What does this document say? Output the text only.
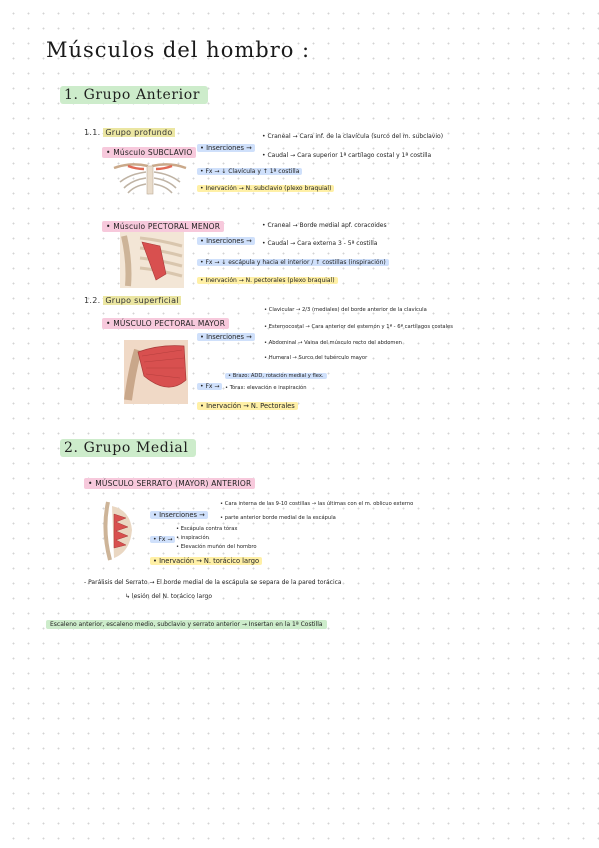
Músculos del hombro :
1. Grupo Anterior
1.1. Grupo profundo
• Músculo SUBCLAVIO	• Inserciones →
• Craneal → Cara inf. de la clavícula (surco del m. subclavio)
• Caudal → Cara superior 1ª cartílago costal y 1ª costilla
• Fx → ↓ Clavícula y ↑ 1ª costilla
• Inervación → N. subclavio (plexo braquial)
• Músculo PECTORAL MENOR
• Inserciones →
• Craneal → Borde medial apf. coracoides
• Caudal → Cara externa 3 - 5ª costilla
• Fx → ↓ escápula y hacia el interior / ↑ costillas (inspiración)
• Inervación → N. pectorales (plexo braquial)
1.2. Grupo superficial
• MÚSCULO PECTORAL MAYOR
• Inserciones →
• Clavicular → 2/3 (mediales) del borde anterior de la clavícula
• Esternocostal → Cara anterior del esternón y 1ª - 6ª cartílagos costales
• Abdominal → Vaina del músculo recto del abdomen
• Humeral → Surco del tubérculo mayor
• Fx →
• Brazo: ADD, rotación medial y flex.
• Tórax: elevación e inspiración
• Inervación → N. Pectorales
2. Grupo Medial
• MÚSCULO SERRATO (MAYOR) ANTERIOR
• Inserciones →
• Cara interna de las 9-10 costillas → las últimas con el m. oblicuo externo
• parte anterior borde medial de la escápula
• Fx →
• Escápula contra tórax
• inspiración
• Elevación muñón del hombro
• Inervación → N. torácico largo
- Parálisis del Serrato → El borde medial de la escápula se separa de la pared torácica
↳ lesión del N. torácico largo
Escaleno anterior, escaleno medio, subclavio y serrato anterior → Insertan en la 1ª Costilla
